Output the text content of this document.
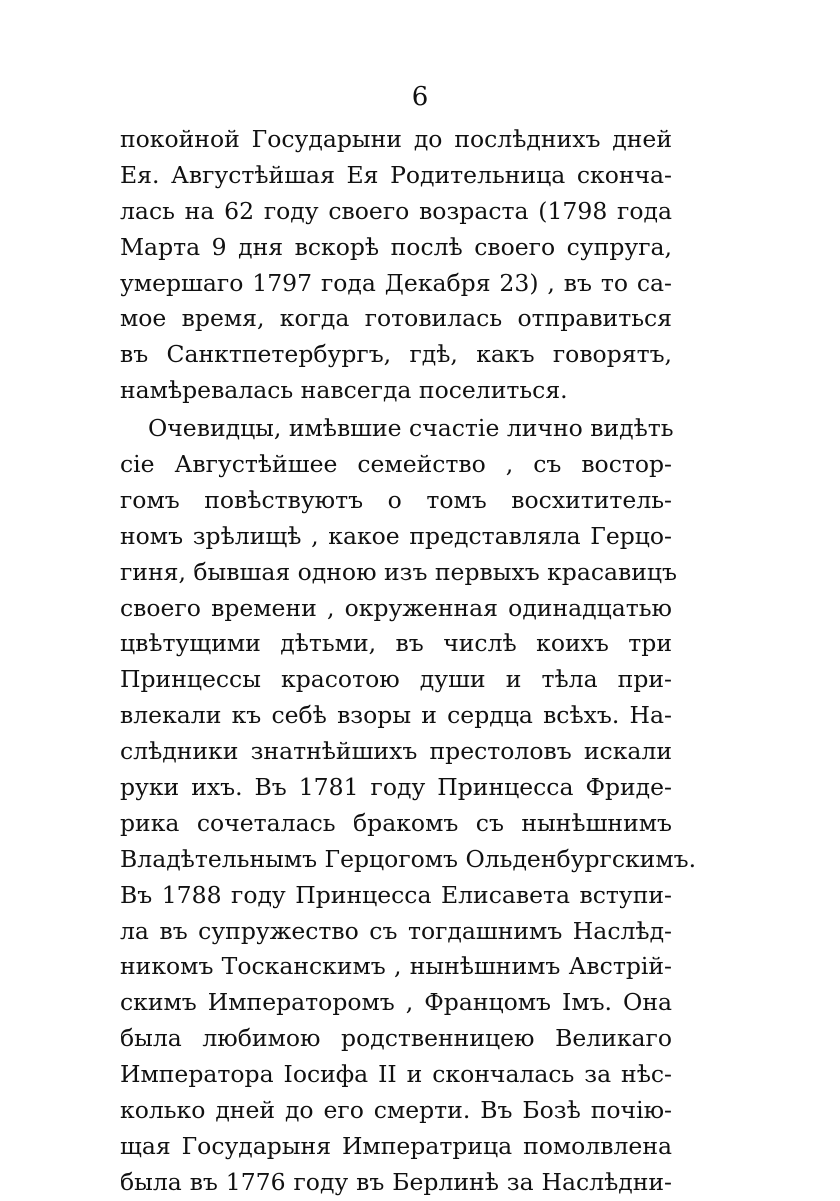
6
покойной Государыни до послѣднихъ дней
Ея. Августѣйшая Ея Родительница сконча-
лась на 62 году своего возраста (1798 года
Марта 9 дня вскорѣ послѣ своего супруга,
умершаго 1797 года Декабря 23) , въ то са-
мое время, когда готовилась отправиться
въ Санктпетербургъ, гдѣ, какъ говорятъ,
намѣревалась навсегда поселиться.
Очевидцы, имѣвшие счастіе лично видѣть
сіе Августѣйшее семейство , съ востор-
гомъ повѣствуютъ о томъ восхититель-
номъ зрѣлищѣ , какое представляла Герцо-
гиня, бывшая одною изъ первыхъ красавицъ
своего времени , окруженная одинадцатью
цвѣтущими дѣтьми, въ числѣ коихъ три
Принцессы красотою души и тѣла при-
влекали къ себѣ взоры и сердца всѣхъ. На-
слѣдники знатнѣйшихъ престоловъ искали
руки ихъ. Въ 1781 году Принцесса Фриде-
рика сочеталась бракомъ съ нынѣшнимъ
Владѣтельнымъ Герцогомъ Ольденбургскимъ.
Въ 1788 году Принцесса Елисавета вступи-
ла въ супружество съ тогдашнимъ Наслѣд-
никомъ Тосканскимъ , нынѣшнимъ Австрій-
скимъ Императоромъ , Францомъ Iмъ. Она
была любимою родственницею Великаго
Императора Іосифа II и скончалась за нѣс-
колько дней до его смерти. Въ Бозѣ почію-
щая Государыня Императрица помолвлена
была въ 1776 году въ Берлинѣ за Наслѣдни-
